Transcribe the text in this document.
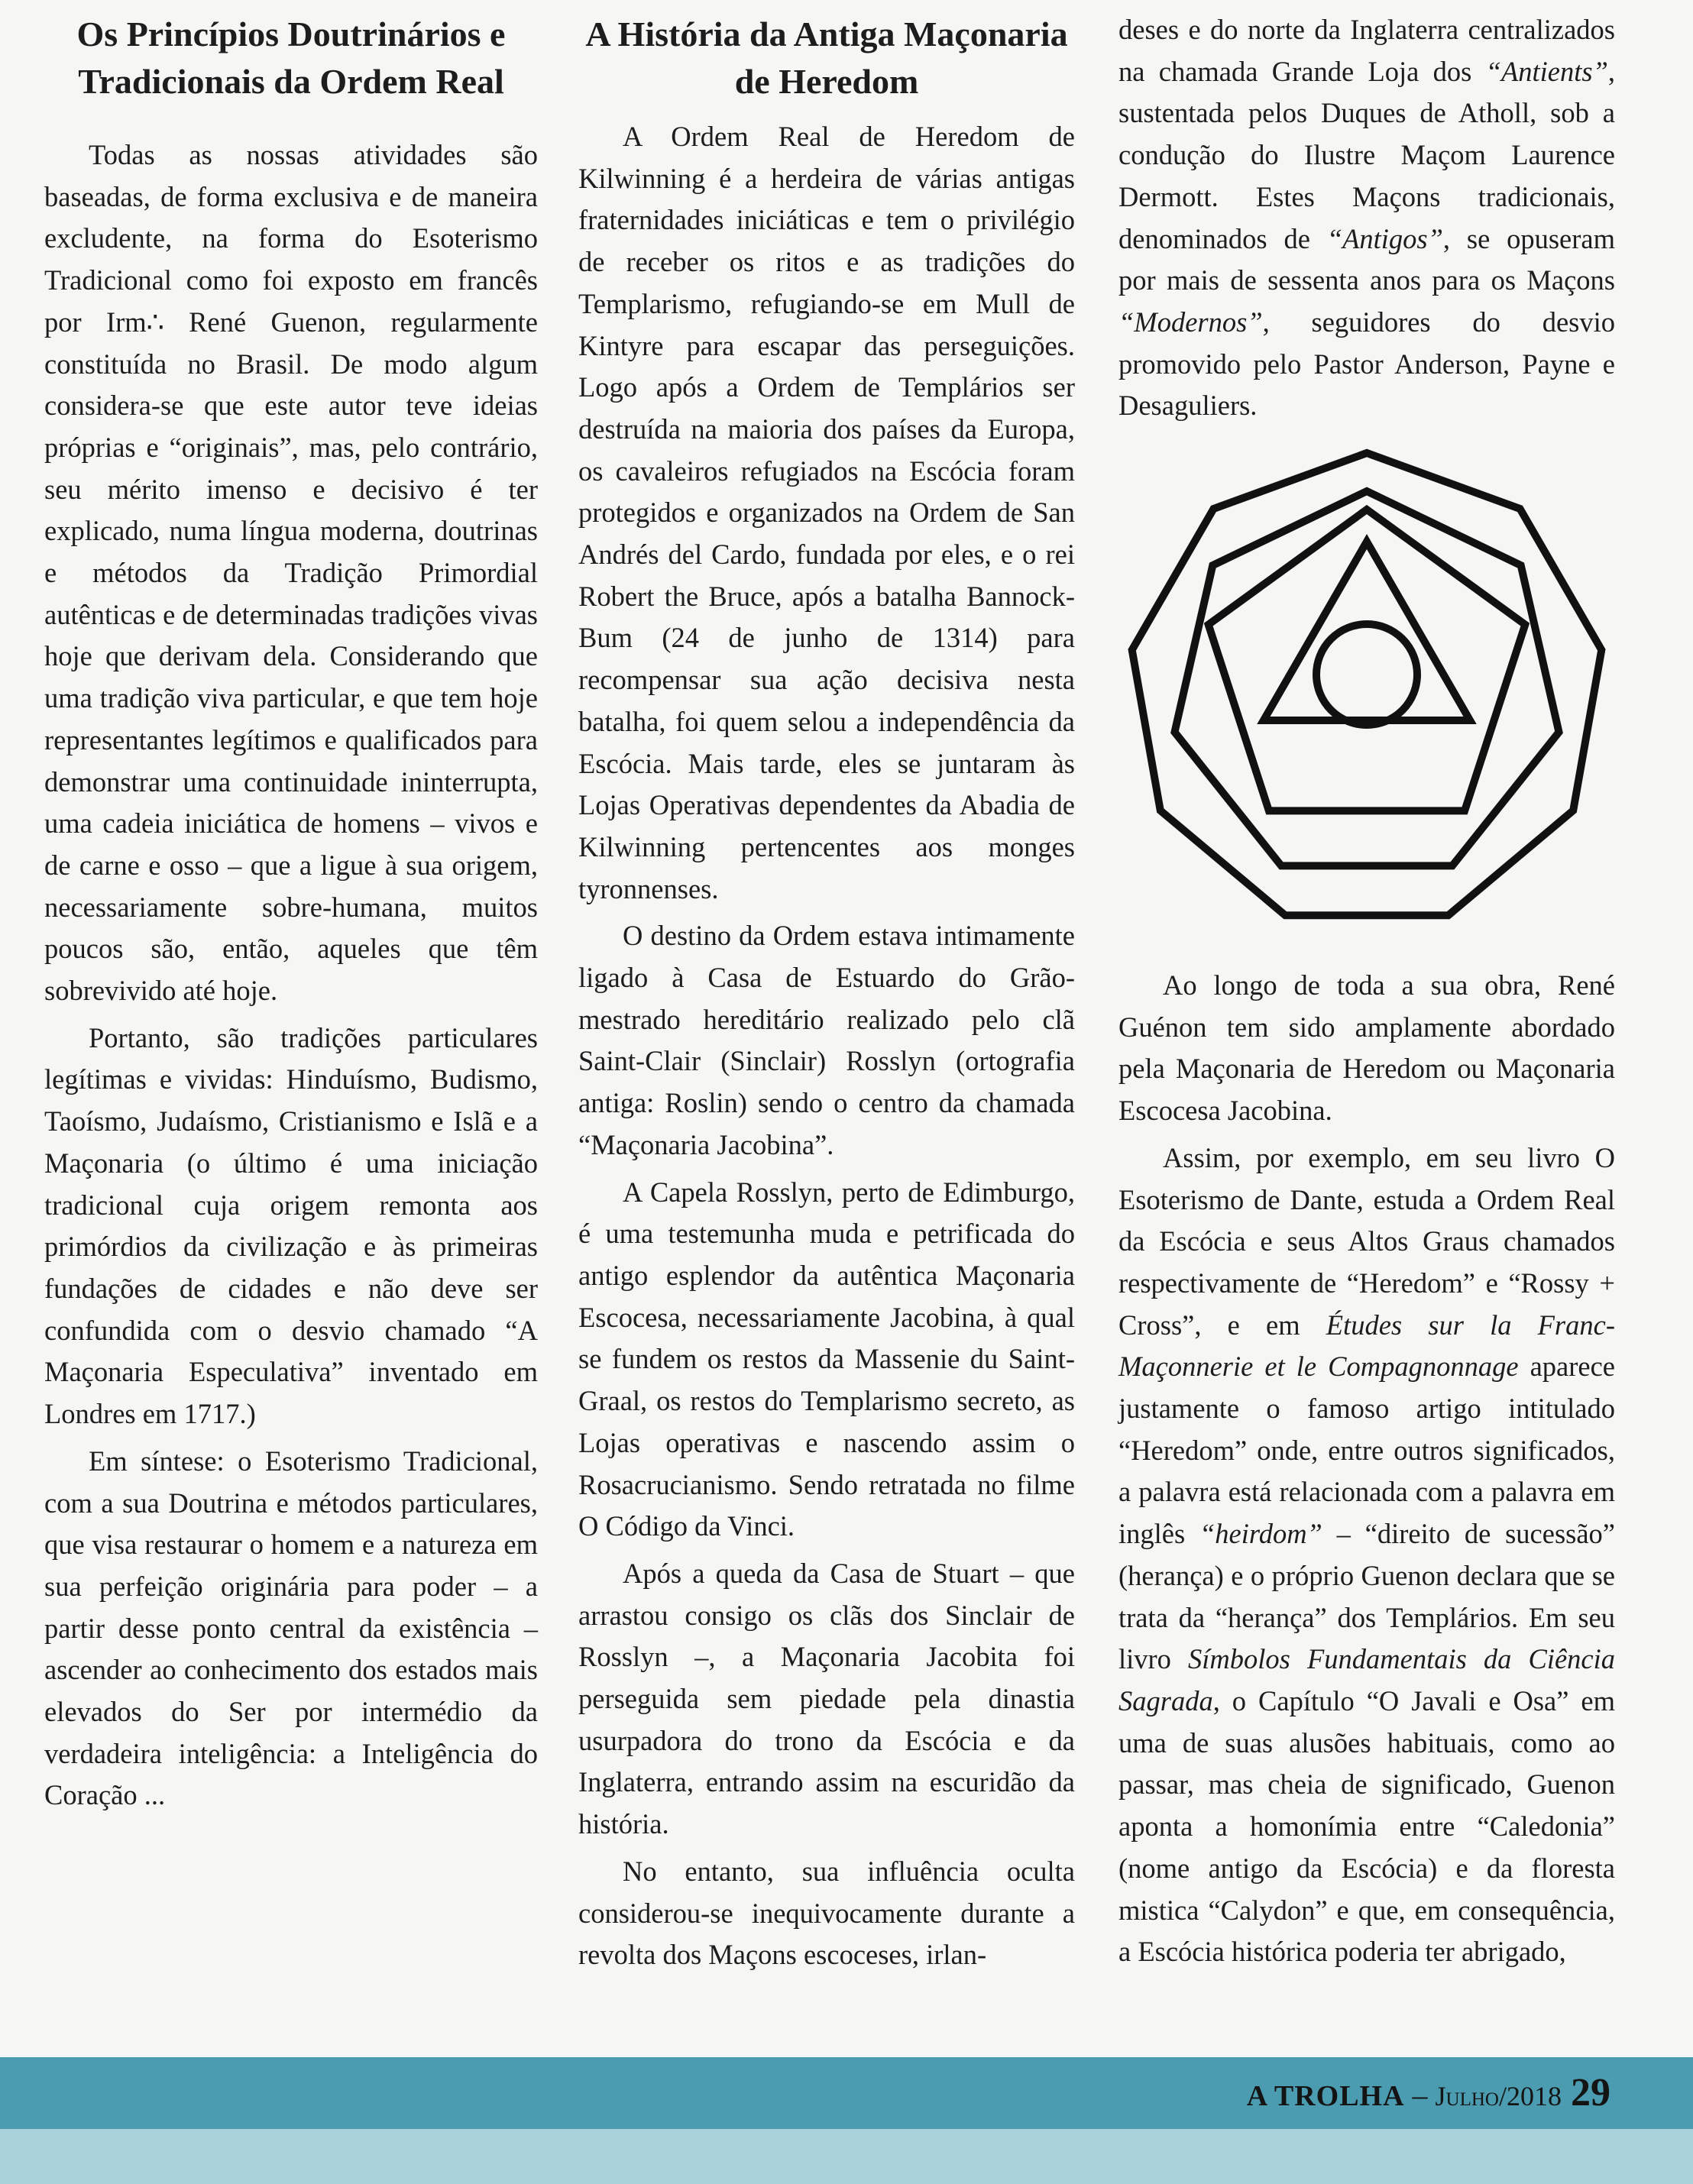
Os Princípios Doutrinários e Tradicionais da Ordem Real

Todas as nossas atividades são baseadas, de forma exclusiva e de maneira excludente, na forma do Esoterismo Tradicional como foi exposto em francês por Irm∴ René Guenon, regularmente constituída no Brasil. De modo algum considera-se que este autor teve ideias próprias e “originais”, mas, pelo contrário, seu mérito imenso e decisivo é ter explicado, numa língua moderna, doutrinas e métodos da Tradição Primordial autênticas e de determinadas tradições vivas hoje que derivam dela. Considerando que uma tradição viva particular, e que tem hoje representantes legítimos e qualificados para demonstrar uma continuidade ininterrupta, uma cadeia iniciática de homens – vivos e de carne e osso – que a ligue à sua origem, necessariamente sobre-humana, muitos poucos são, então, aqueles que têm sobrevivido até hoje.

Portanto, são tradições particulares legítimas e vividas: Hinduísmo, Budismo, Taoísmo, Judaísmo, Cristianismo e Islã e a Maçonaria (o último é uma iniciação tradicional cuja origem remonta aos primórdios da civilização e às primeiras fundações de cidades e não deve ser confundida com o desvio chamado “A Maçonaria Especulativa” inventado em Londres em 1717.)

Em síntese: o Esoterismo Tradicional, com a sua Doutrina e métodos particulares, que visa restaurar o homem e a natureza em sua perfeição originária para poder – a partir desse ponto central da existência – ascender ao conhecimento dos estados mais elevados do Ser por intermédio da verdadeira inteligência: a Inteligência do Coração ...

A História da Antiga Maçonaria de Heredom

A Ordem Real de Heredom de Kilwinning é a herdeira de várias antigas fraternidades iniciáticas e tem o privilégio de receber os ritos e as tradições do Templarismo, refugiando-se em Mull de Kintyre para escapar das perseguições. Logo após a Ordem de Templários ser destruída na maioria dos países da Europa, os cavaleiros refugiados na Escócia foram protegidos e organizados na Ordem de San Andrés del Cardo, fundada por eles, e o rei Robert the Bruce, após a batalha Bannock-Bum (24 de junho de 1314) para recompensar sua ação decisiva nesta batalha, foi quem selou a independência da Escócia. Mais tarde, eles se juntaram às Lojas Operativas dependentes da Abadia de Kilwinning pertencentes aos monges tyronnenses.

O destino da Ordem estava intimamente ligado à Casa de Estuardo do Grão-mestrado hereditário realizado pelo clã Saint-Clair (Sinclair) Rosslyn (ortografia antiga: Roslin) sendo o centro da chamada “Maçonaria Jacobina”.

A Capela Rosslyn, perto de Edimburgo, é uma testemunha muda e petrificada do antigo esplendor da autêntica Maçonaria Escocesa, necessariamente Jacobina, à qual se fundem os restos da Massenie du Saint-Graal, os restos do Templarismo secreto, as Lojas operativas e nascendo assim o Rosacrucianismo. Sendo retratada no filme O Código da Vinci.

Após a queda da Casa de Stuart – que arrastou consigo os clãs dos Sinclair de Rosslyn –, a Maçonaria Jacobita foi perseguida sem piedade pela dinastia usurpadora do trono da Escócia e da Inglaterra, entrando assim na escuridão da história.

No entanto, sua influência oculta considerou-se inequivocamente durante a revolta dos Maçons escoceses, irlan-

deses e do norte da Inglaterra centralizados na chamada Grande Loja dos “Antients”, sustentada pelos Duques de Atholl, sob a condução do Ilustre Maçom Laurence Dermott. Estes Maçons tradicionais, denominados de “Antigos”, se opuseram por mais de sessenta anos para os Maçons “Modernos”, seguidores do desvio promovido pelo Pastor Anderson, Payne e Desaguliers.

Ao longo de toda a sua obra, René Guénon tem sido amplamente abordado pela Maçonaria de Heredom ou Maçonaria Escocesa Jacobina.

Assim, por exemplo, em seu livro O Esoterismo de Dante, estuda a Ordem Real da Escócia e seus Altos Graus chamados respectivamente de “Heredom” e “Rossy + Cross”, e em Études sur la Franc-Maçonnerie et le Compagnonnage aparece justamente o famoso artigo intitulado “Heredom” onde, entre outros significados, a palavra está relacionada com a palavra em inglês “heirdom” – “direito de sucessão” (herança) e o próprio Guenon declara que se trata da “herança” dos Templários. Em seu livro Símbolos Fundamentais da Ciência Sagrada, o Capítulo “O Javali e Osa” em uma de suas alusões habituais, como ao passar, mas cheia de significado, Guenon aponta a homonímia entre “Caledonia” (nome antigo da Escócia) e da floresta mistica “Calydon” e que, em consequência, a Escócia histórica poderia ter abrigado,

A TROLHA – Julho/2018 29
